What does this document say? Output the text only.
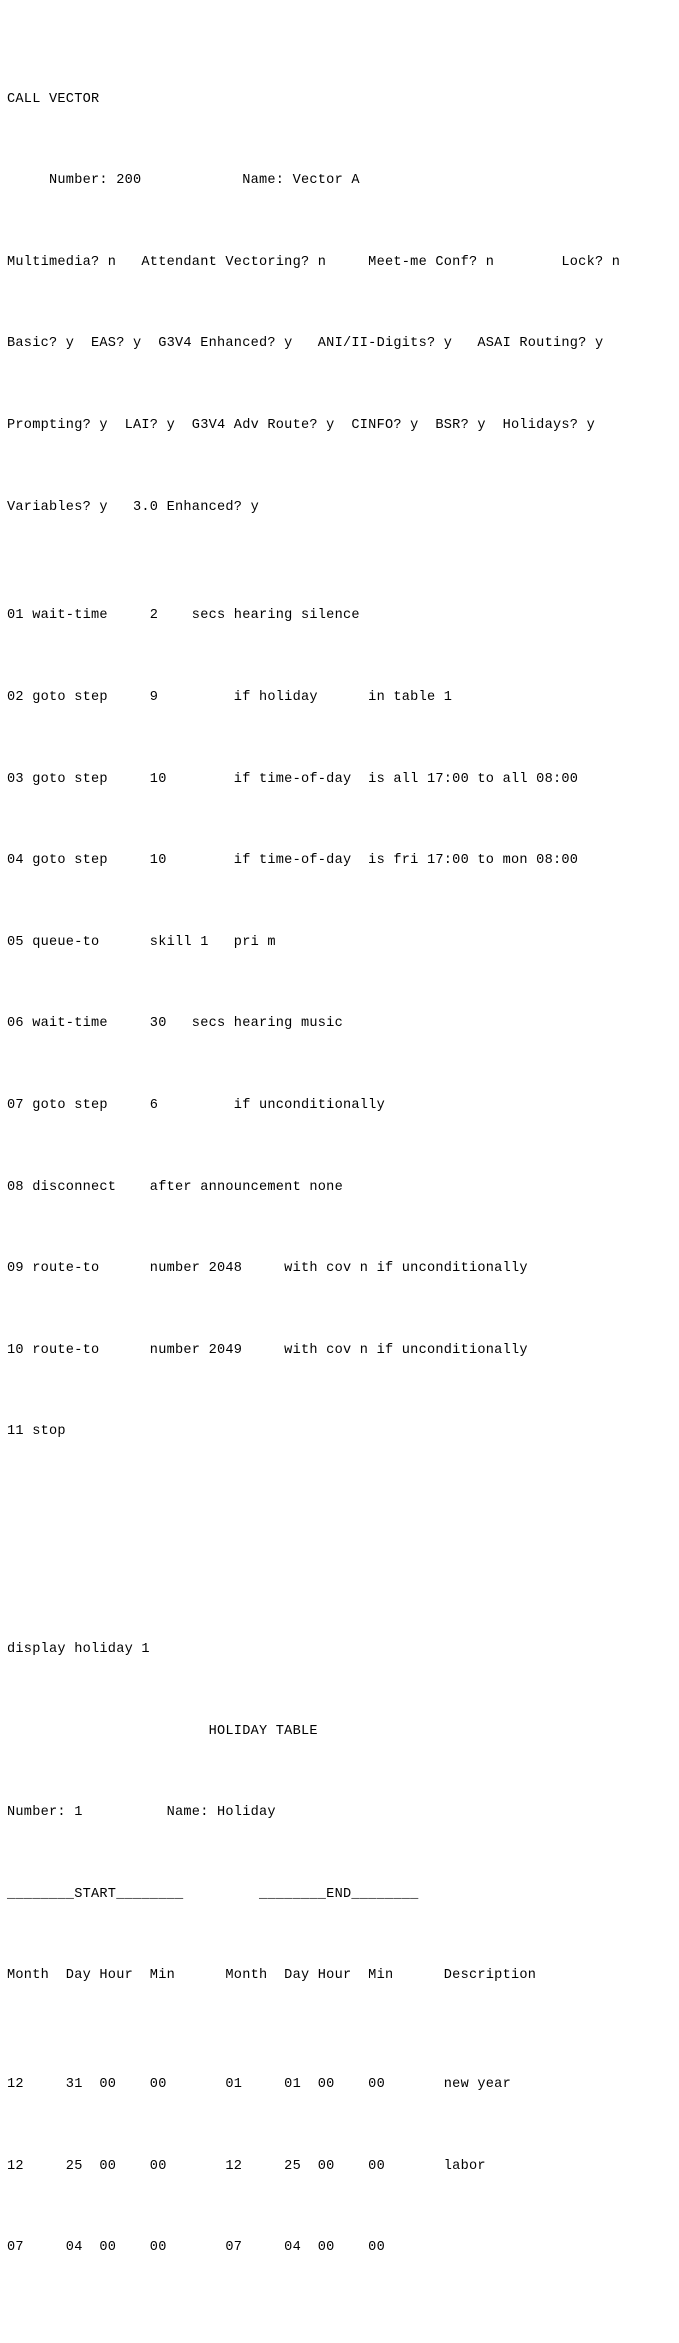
CALL VECTOR

Number: 200            Name: Vector A

Multimedia? n   Attendant Vectoring? n     Meet-me Conf? n        Lock? n

Basic? y  EAS? y  G3V4 Enhanced? y   ANI/II-Digits? y   ASAI Routing? y

Prompting? y  LAI? y  G3V4 Adv Route? y  CINFO? y  BSR? y  Holidays? y

Variables? y   3.0 Enhanced? y

01 wait-time     2    secs hearing silence

02 goto step     9         if holiday      in table 1

03 goto step     10        if time-of-day  is all 17:00 to all 08:00

04 goto step     10        if time-of-day  is fri 17:00 to mon 08:00

05 queue-to      skill 1   pri m

06 wait-time     30   secs hearing music

07 goto step     6         if unconditionally

08 disconnect    after announcement none

09 route-to      number 2048     with cov n if unconditionally

10 route-to      number 2049     with cov n if unconditionally

11 stop

display holiday 1

HOLIDAY TABLE

Number: 1          Name: Holiday

________START________         ________END________

Month  Day Hour  Min      Month  Day Hour  Min      Description

12     31  00    00       01     01  00    00       new year

12     25  00    00       12     25  00    00       labor

07     04  00    00       07     04  00    00
